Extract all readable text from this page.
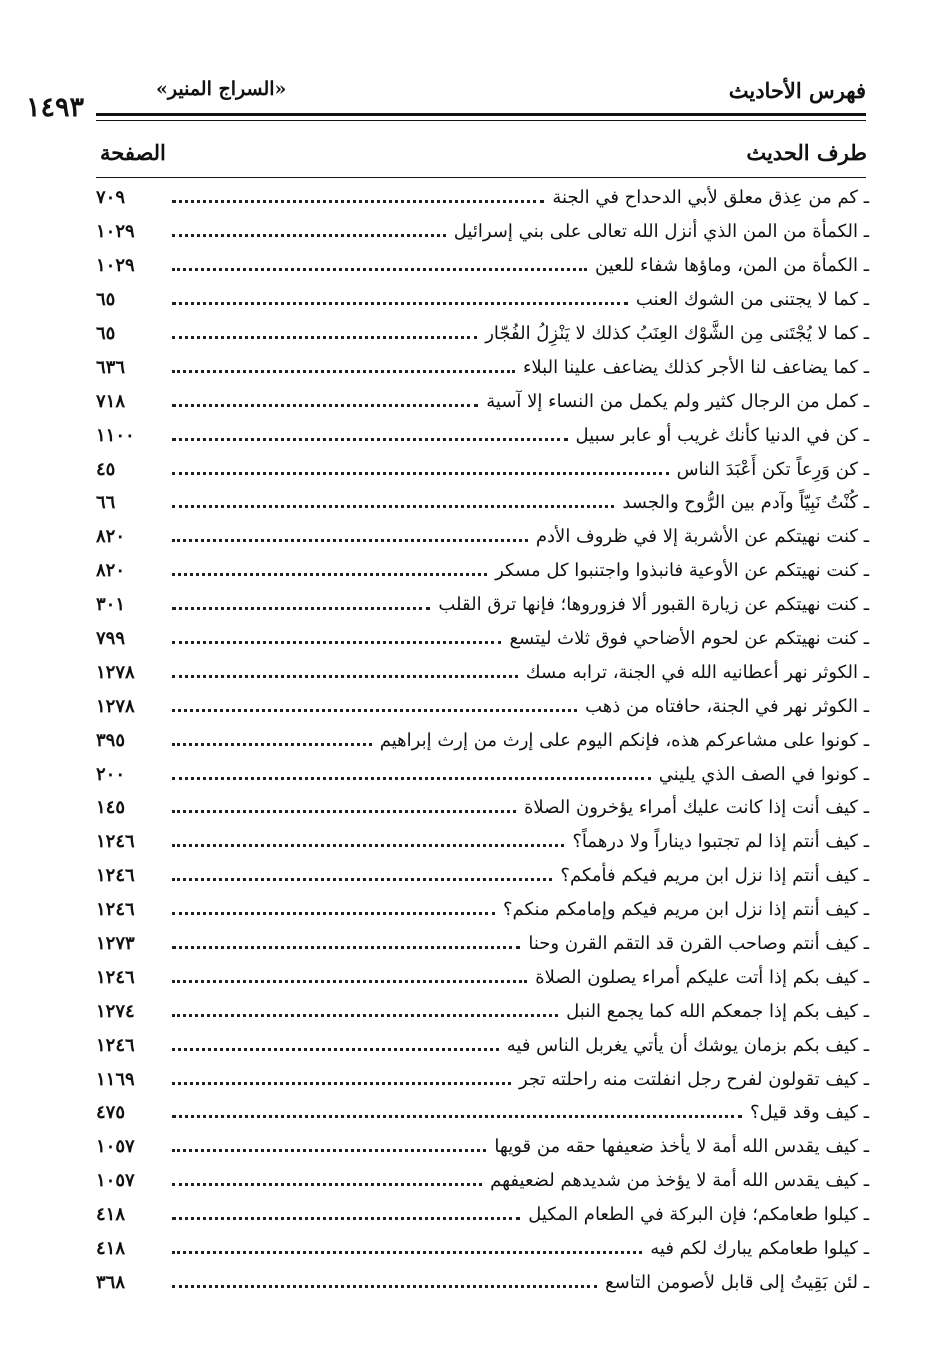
فهرس الأحاديث
«السراج المنير»
١٤٩٣
طرف الحديث
الصفحة
ـ كم من عِذق معلق لأبي الدحداح في الجنة
٧٠٩
ـ الكمأة من المن الذي أنزل الله تعالى على بني إسرائيل
١٠٢٩
ـ الكمأة من المن، وماؤها شفاء للعين
١٠٢٩
ـ كما لا يجتنى من الشوك العنب
٦٥
ـ كما لا يُجْتَنى مِن الشَّوْك العِنَبُ كذلك لا يَنْزِلُ الفُجّار
٦٥
ـ كما يضاعف لنا الأجر كذلك يضاعف علينا البلاء
٦٣٦
ـ كمل من الرجال كثير ولم يكمل من النساء إلا آسية
٧١٨
ـ كن في الدنيا كأنك غريب أو عابر سبيل
١١٠٠
ـ كن وَرِعاً تكن أَعْبَدَ الناس
٤٥
ـ كُنْتُ نَبِيّاً وآدم بين الرُّوح والجسد
٦٦
ـ كنت نهيتكم عن الأشربة إلا في ظروف الأدم
٨٢٠
ـ كنت نهيتكم عن الأوعية فانبذوا واجتنبوا كل مسكر
٨٢٠
ـ كنت نهيتكم عن زيارة القبور ألا فزوروها؛ فإنها ترق القلب
٣٠١
ـ كنت نهيتكم عن لحوم الأضاحي فوق ثلاث ليتسع
٧٩٩
ـ الكوثر نهر أعطانيه الله في الجنة، ترابه مسك
١٢٧٨
ـ الكوثر نهر في الجنة، حافتاه من ذهب
١٢٧٨
ـ كونوا على مشاعركم هذه، فإنكم اليوم على إرث من إرث إبراهيم
٣٩٥
ـ كونوا في الصف الذي يليني
٢٠٠
ـ كيف أنت إذا كانت عليك أمراء يؤخرون الصلاة
١٤٥
ـ كيف أنتم إذا لم تجتبوا ديناراً ولا درهماً؟
١٢٤٦
ـ كيف أنتم إذا نزل ابن مريم فيكم فأمكم؟
١٢٤٦
ـ كيف أنتم إذا نزل ابن مريم فيكم وإمامكم منكم؟
١٢٤٦
ـ كيف أنتم وصاحب القرن قد التقم القرن وحنا
١٢٧٣
ـ كيف بكم إذا أتت عليكم أمراء يصلون الصلاة
١٢٤٦
ـ كيف بكم إذا جمعكم الله كما يجمع النبل
١٢٧٤
ـ كيف بكم بزمان يوشك أن يأتي يغربل الناس فيه
١٢٤٦
ـ كيف تقولون لفرح رجل انفلتت منه راحلته تجر
١١٦٩
ـ كيف وقد قيل؟
٤٧٥
ـ كيف يقدس الله أمة لا يأخذ ضعيفها حقه من قويها
١٠٥٧
ـ كيف يقدس الله أمة لا يؤخذ من شديدهم لضعيفهم
١٠٥٧
ـ كيلوا طعامكم؛ فإن البركة في الطعام المكيل
٤١٨
ـ كيلوا طعامكم يبارك لكم فيه
٤١٨
ـ لئن بَقِيتُ إلى قابل لأصومن التاسع
٣٦٨
